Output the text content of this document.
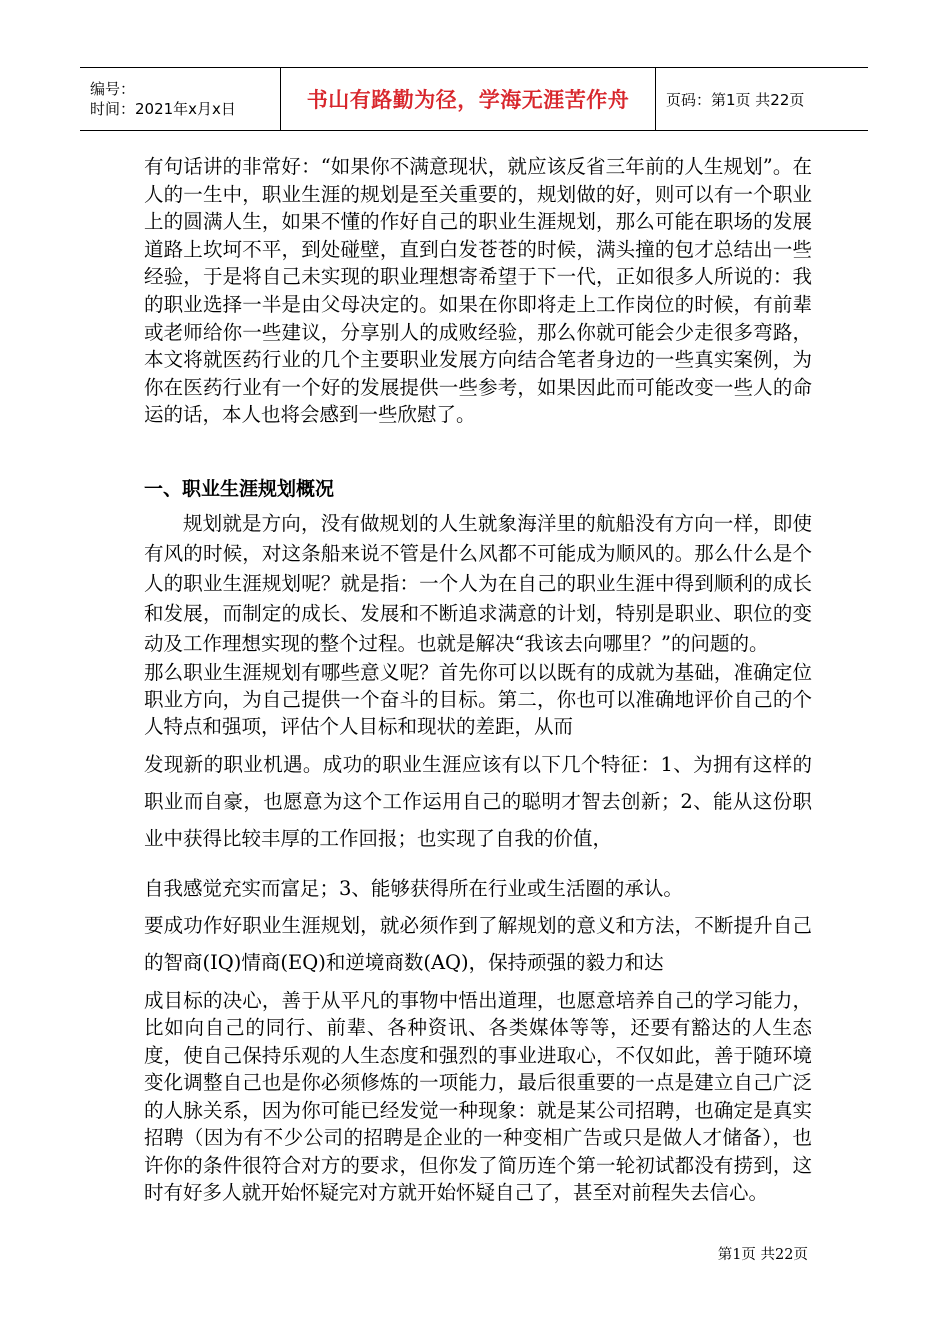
编号：
时间：2021年x月x日	书山有路勤为径，学海无涯苦作舟	页码：第1页 共22页

有句话讲的非常好：“如果你不满意现状，就应该反省三年前的人生规划”。在人的一生中，职业生涯的规划是至关重要的，规划做的好，则可以有一个职业上的圆满人生，如果不懂的作好自己的职业生涯规划，那么可能在职场的发展道路上坎坷不平，到处碰壁，直到白发苍苍的时候，满头撞的包才总结出一些经验，于是将自己未实现的职业理想寄希望于下一代，正如很多人所说的：我的职业选择一半是由父母决定的。如果在你即将走上工作岗位的时候，有前辈或老师给你一些建议，分享别人的成败经验，那么你就可能会少走很多弯路，本文将就医药行业的几个主要职业发展方向结合笔者身边的一些真实案例，为你在医药行业有一个好的发展提供一些参考，如果因此而可能改变一些人的命运的话，本人也将会感到一些欣慰了。

一、职业生涯规划概况

规划就是方向，没有做规划的人生就象海洋里的航船没有方向一样，即使有风的时候，对这条船来说不管是什么风都不可能成为顺风的。那么什么是个人的职业生涯规划呢？就是指：一个人为在自己的职业生涯中得到顺利的成长和发展，而制定的成长、发展和不断追求满意的计划，特别是职业、职位的变动及工作理想实现的整个过程。也就是解决“我该去向哪里？”的问题的。

那么职业生涯规划有哪些意义呢？首先你可以以既有的成就为基础，准确定位职业方向，为自己提供一个奋斗的目标。第二，你也可以准确地评价自己的个人特点和强项，评估个人目标和现状的差距，从而

发现新的职业机遇。成功的职业生涯应该有以下几个特征：1、为拥有这样的职业而自豪，也愿意为这个工作运用自己的聪明才智去创新；2、能从这份职业中获得比较丰厚的工作回报；也实现了自我的价值，

自我感觉充实而富足；3、能够获得所在行业或生活圈的承认。

要成功作好职业生涯规划，就必须作到了解规划的意义和方法，不断提升自己的智商(IQ)情商(EQ)和逆境商数(AQ)，保持顽强的毅力和达

成目标的决心，善于从平凡的事物中悟出道理，也愿意培养自己的学习能力，比如向自己的同行、前辈、各种资讯、各类媒体等等，还要有豁达的人生态度，使自己保持乐观的人生态度和强烈的事业进取心，不仅如此，善于随环境变化调整自己也是你必须修炼的一项能力，最后很重要的一点是建立自己广泛的人脉关系，因为你可能已经发觉一种现象：就是某公司招聘，也确定是真实招聘（因为有不少公司的招聘是企业的一种变相广告或只是做人才储备），也许你的条件很符合对方的要求，但你发了简历连个第一轮初试都没有捞到，这时有好多人就开始怀疑完对方就开始怀疑自己了，甚至对前程失去信心。

第1页 共22页
